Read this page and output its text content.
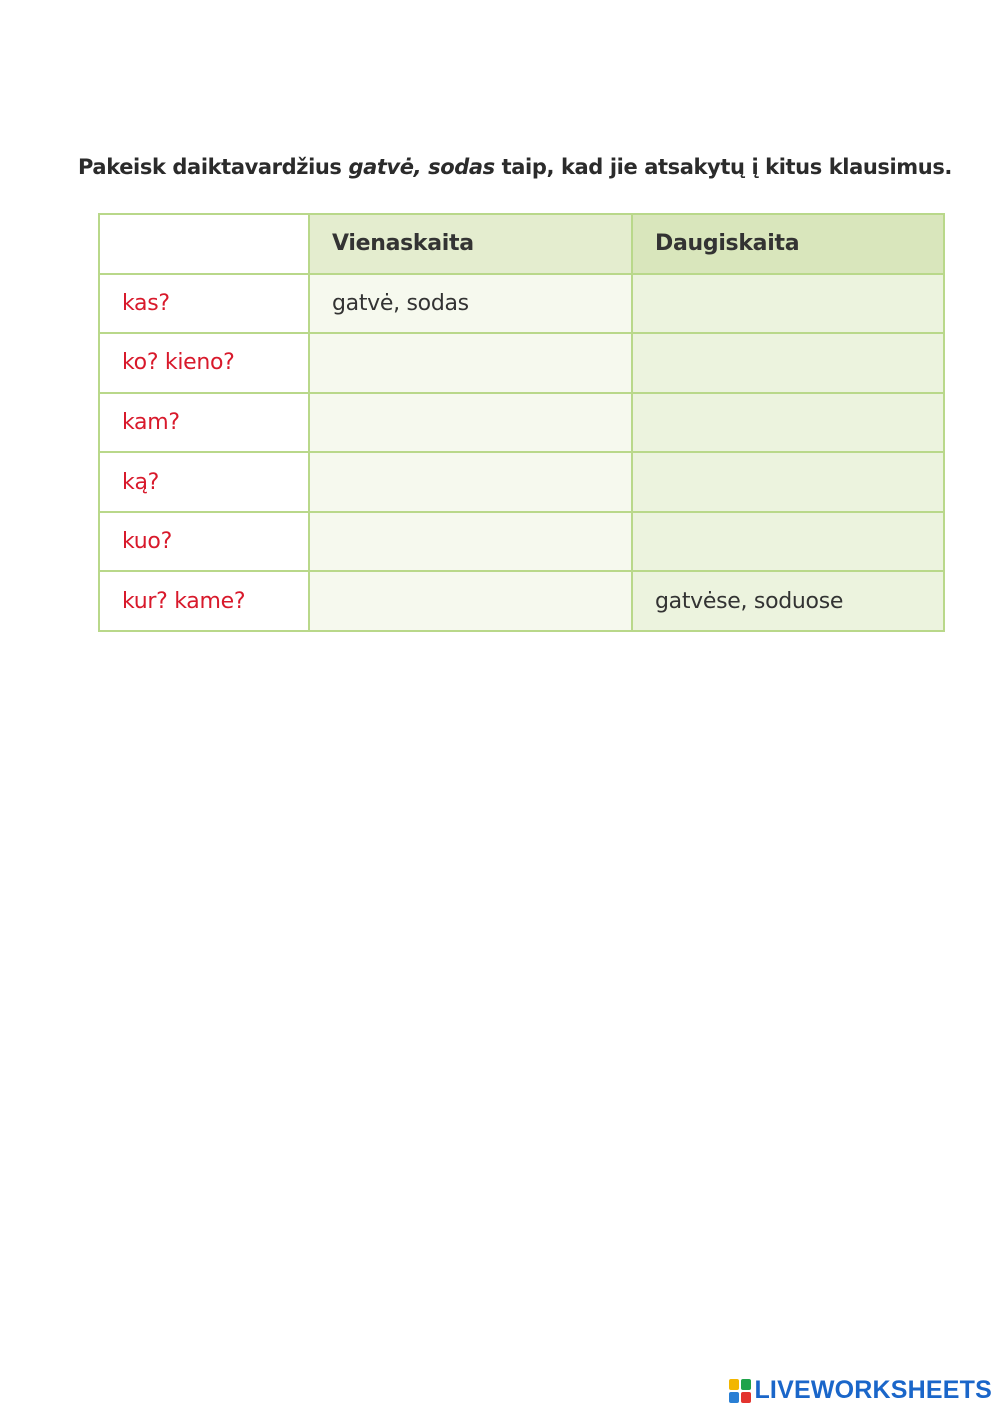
Pakeisk daiktavardžius gatvė, sodas taip, kad jie atsakytų į kitus klausimus.
	Vienaskaita	Daugiskaita
kas?	gatvė, sodas	
ko? kieno?		
kam?		
ką?		
kuo?		
kur? kame?		gatvėse, soduose
LIVEWORKSHEETS
